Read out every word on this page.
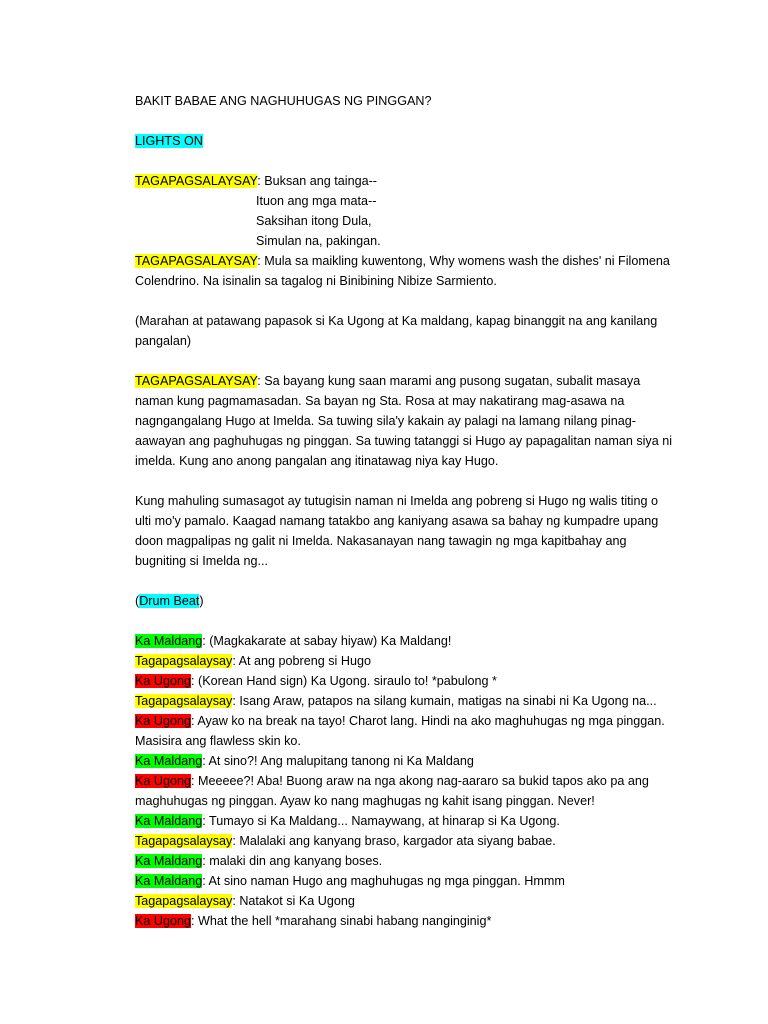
BAKIT BABAE ANG NAGHUHUGAS NG PINGGAN?

LIGHTS ON

TAGAPAGSALAYSAY: Buksan ang tainga--

Ituon ang mga mata--

Saksihan itong Dula,

Simulan na, pakingan.

TAGAPAGSALAYSAY: Mula sa maikling kuwentong, Why womens wash the dishes' ni Filomena Colendrino. Na isinalin sa tagalog ni Binibining Nibize Sarmiento.

(Marahan at patawang papasok si Ka Ugong at Ka maldang, kapag binanggit na ang kanilang pangalan)

TAGAPAGSALAYSAY: Sa bayang kung saan marami ang pusong sugatan, subalit masaya naman kung pagmamasadan. Sa bayan ng Sta. Rosa at may nakatirang mag-asawa na nagngangalang Hugo at Imelda. Sa tuwing sila'y kakain ay palagi na lamang nilang pinag-aawayan ang paghuhugas ng pinggan. Sa tuwing tatanggi si Hugo ay papagalitan naman siya ni imelda. Kung ano anong pangalan ang itinatawag niya kay Hugo.

Kung mahuling sumasagot ay tutugisin naman ni Imelda ang pobreng si Hugo ng walis titing o ulti mo'y pamalo. Kaagad namang tatakbo ang kaniyang asawa sa bahay ng kumpadre upang doon magpalipas ng galit ni Imelda. Nakasanayan nang tawagin ng mga kapitbahay ang bugniting si Imelda ng...

(Drum Beat)

Ka Maldang: (Magkakarate at sabay hiyaw) Ka Maldang!

Tagapagsalaysay: At ang pobreng si Hugo

Ka Ugong: (Korean Hand sign) Ka Ugong. siraulo to! *pabulong *

Tagapagsalaysay: Isang Araw, patapos na silang kumain, matigas na sinabi ni Ka Ugong na...

Ka Ugong: Ayaw ko na break na tayo! Charot lang. Hindi na ako maghuhugas ng mga pinggan. Masisira ang flawless skin ko.

Ka Maldang: At sino?! Ang malupitang tanong ni Ka Maldang

Ka Ugong: Meeeee?! Aba! Buong araw na nga akong nag-aararo sa bukid tapos ako pa ang maghuhugas ng pinggan. Ayaw ko nang maghugas ng kahit isang pinggan. Never!

Ka Maldang: Tumayo si Ka Maldang... Namaywang, at hinarap si Ka Ugong.

Tagapagsalaysay: Malalaki ang kanyang braso, kargador ata siyang babae.

Ka Maldang: malaki din ang kanyang boses.

Ka Maldang: At sino naman Hugo ang maghuhugas ng mga pinggan. Hmmm

Tagapagsalaysay: Natakot si Ka Ugong

Ka Ugong: What the hell *marahang sinabi habang nanginginig*
